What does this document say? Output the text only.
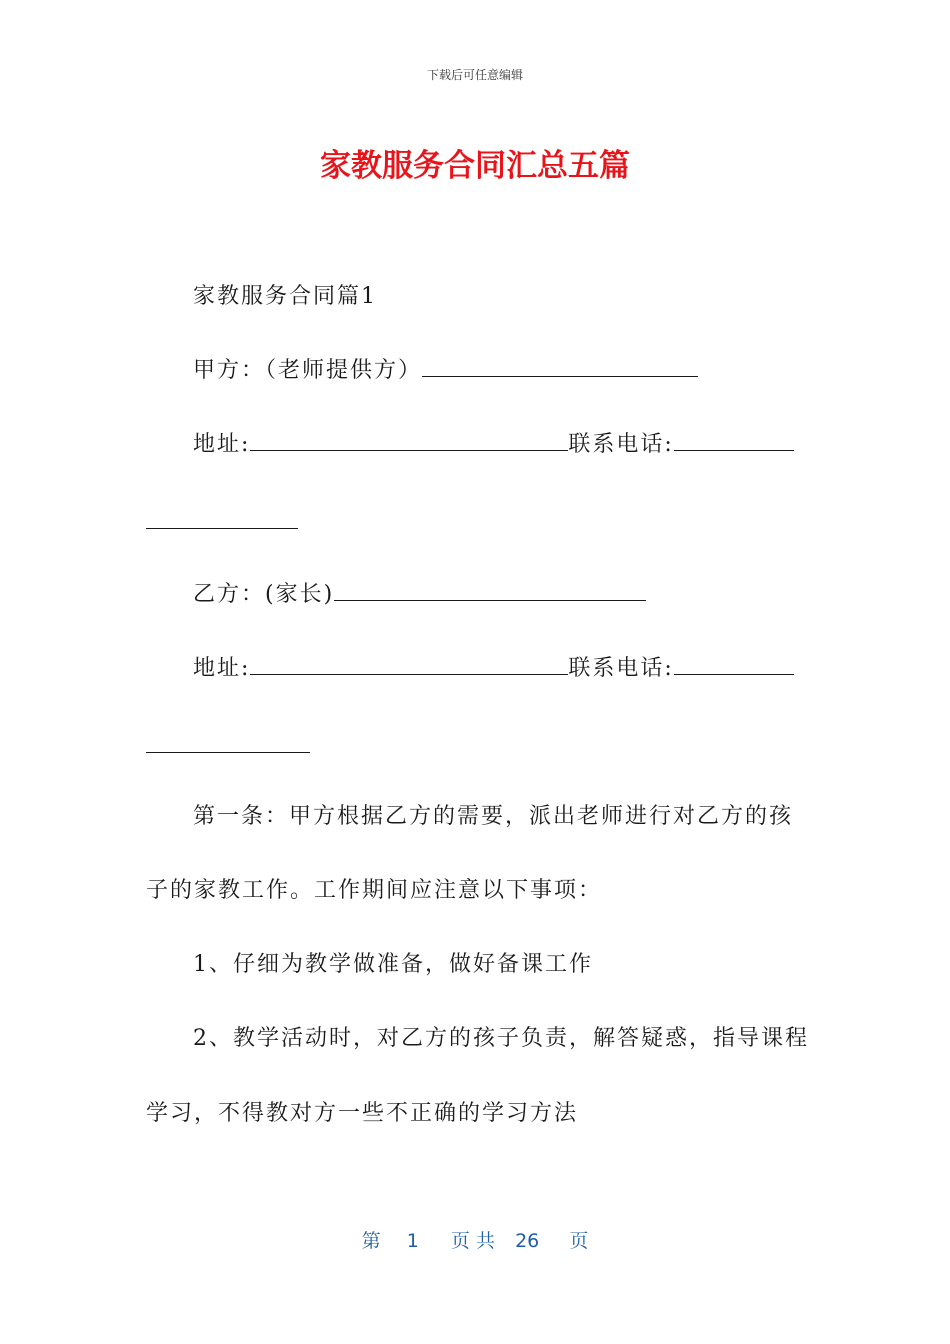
下载后可任意编辑
家教服务合同汇总五篇
家教服务合同篇1
甲方：（老师提供方）
地址:	联系电话:
乙方：(家长)
地址:	联系电话:
第一条：甲方根据乙方的需要，派出老师进行对乙方的孩
子的家教工作。工作期间应注意以下事项：
1、仔细为教学做准备，做好备课工作
2、教学活动时，对乙方的孩子负责，解答疑惑，指导课程
学习，不得教对方一些不正确的学习方法
第 1 页 共 26 页
